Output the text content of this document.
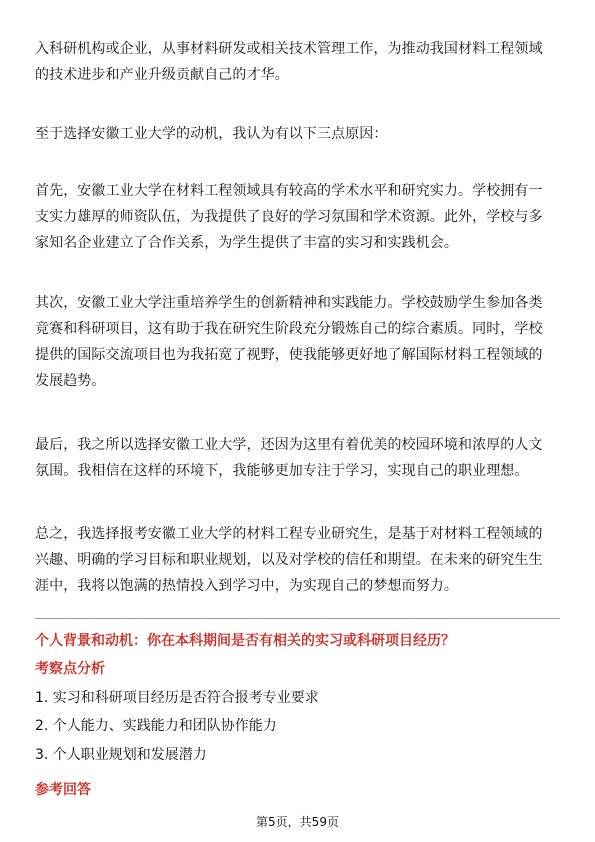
入科研机构或企业，从事材料研发或相关技术管理工作，为推动我国材料工程领域
的技术进步和产业升级贡献自己的才华。
至于选择安徽工业大学的动机，我认为有以下三点原因：
首先，安徽工业大学在材料工程领域具有较高的学术水平和研究实力。学校拥有一
支实力雄厚的师资队伍，为我提供了良好的学习氛围和学术资源。此外，学校与多
家知名企业建立了合作关系，为学生提供了丰富的实习和实践机会。
其次，安徽工业大学注重培养学生的创新精神和实践能力。学校鼓励学生参加各类
竞赛和科研项目，这有助于我在研究生阶段充分锻炼自己的综合素质。同时，学校
提供的国际交流项目也为我拓宽了视野，使我能够更好地了解国际材料工程领域的
发展趋势。
最后，我之所以选择安徽工业大学，还因为这里有着优美的校园环境和浓厚的人文
氛围。我相信在这样的环境下，我能够更加专注于学习，实现自己的职业理想。
总之，我选择报考安徽工业大学的材料工程专业研究生，是基于对材料工程领域的
兴趣、明确的学习目标和职业规划，以及对学校的信任和期望。在未来的研究生生
涯中，我将以饱满的热情投入到学习中，为实现自己的梦想而努力。
个人背景和动机：你在本科期间是否有相关的实习或科研项目经历？
考察点分析
1. 实习和科研项目经历是否符合报考专业要求
2. 个人能力、实践能力和团队协作能力
3. 个人职业规划和发展潜力
参考回答
第5页，共59页
